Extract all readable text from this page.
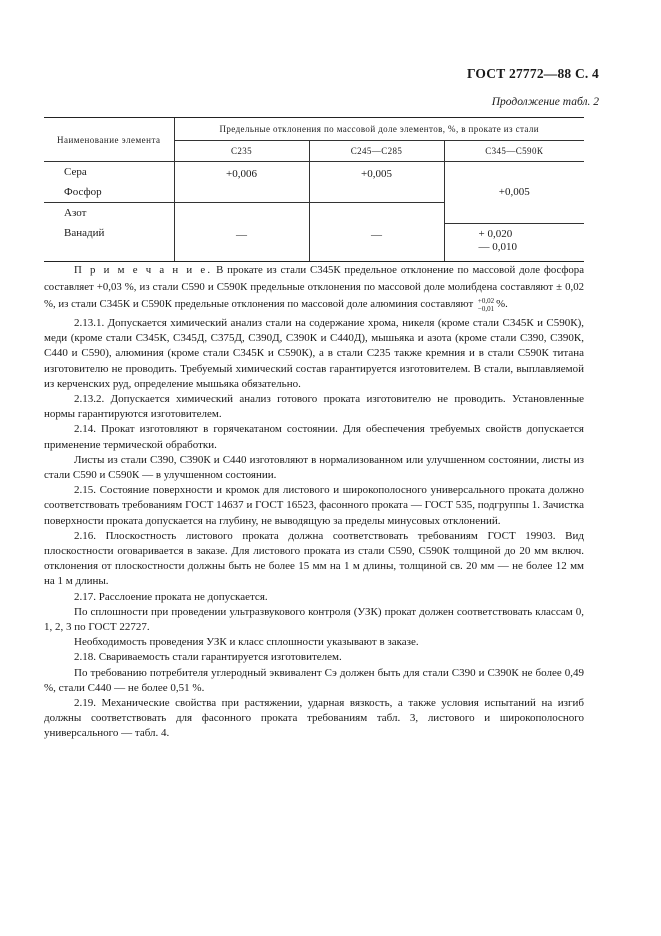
ГОСТ 27772—88 С. 4
Продолжение табл. 2
Наименование элемента	Предельные отклонения по массовой доле элементов, %, в прокате из стали		
	С235	С245—С285	С345—С590К
Сера	+0,006	+0,005	+0,005
Фосфор			
Азот	—	—	
Ванадий			+ 0,020
— 0,010
П р и м е ч а н и е. В прокате из стали С345К предельное отклонение по массовой доле фосфора составляет +0,03 %, из стали С590 и С590К предельные отклонения по массовой доле молибдена составляют ± 0,02 %, из стали С345К и С590К предельные отклонения по массовой доле алюминия составляют +0,02
−0,01 %.

2.13.1. Допускается химический анализ стали на содержание хрома, никеля (кроме стали С345К и С590К), меди (кроме стали С345К, С345Д, С375Д, С390Д, С390К и С440Д), мышьяка и азота (кроме стали С390, С390К, С440 и С590), алюминия (кроме стали С345К и С590К), а в стали С235 также кремния и в стали С590К титана изготовителю не проводить. Требуемый химический состав гарантируется изготовителем. В стали, выплавляемой из керченских руд, определение мышьяка обязательно.

2.13.2. Допускается химический анализ готового проката изготовителю не проводить. Установленные нормы гарантируются изготовителем.

2.14. Прокат изготовляют в горячекатаном состоянии. Для обеспечения требуемых свойств допускается применение термической обработки.

Листы из стали С390, С390К и С440 изготовляют в нормализованном или улучшенном состоянии, листы из стали С590 и С590К — в улучшенном состоянии.

2.15. Состояние поверхности и кромок для листового и широкополосного универсального проката должно соответствовать требованиям ГОСТ 14637 и ГОСТ 16523, фасонного проката — ГОСТ 535, подгруппы 1. Зачистка поверхности проката допускается на глубину, не выводящую за пределы минусовых отклонений.

2.16. Плоскостность листового проката должна соответствовать требованиям ГОСТ 19903. Вид плоскостности оговаривается в заказе. Для листового проката из стали С590, С590К толщиной до 20 мм включ. отклонения от плоскостности должны быть не более 15 мм на 1 м длины, толщиной св. 20 мм — не более 12 мм на 1 м длины.

2.17. Расслоение проката не допускается.

По сплошности при проведении ультразвукового контроля (УЗК) прокат должен соответствовать классам 0, 1, 2, 3 по ГОСТ 22727.

Необходимость проведения УЗК и класс сплошности указывают в заказе.

2.18. Свариваемость стали гарантируется изготовителем.

По требованию потребителя углеродный эквивалент Сэ должен быть для стали С390 и С390К не более 0,49 %, стали С440 — не более 0,51 %.

2.19. Механические свойства при растяжении, ударная вязкость, а также условия испытаний на изгиб должны соответствовать для фасонного проката требованиям табл. 3, листового и широкополосного универсального — табл. 4.
